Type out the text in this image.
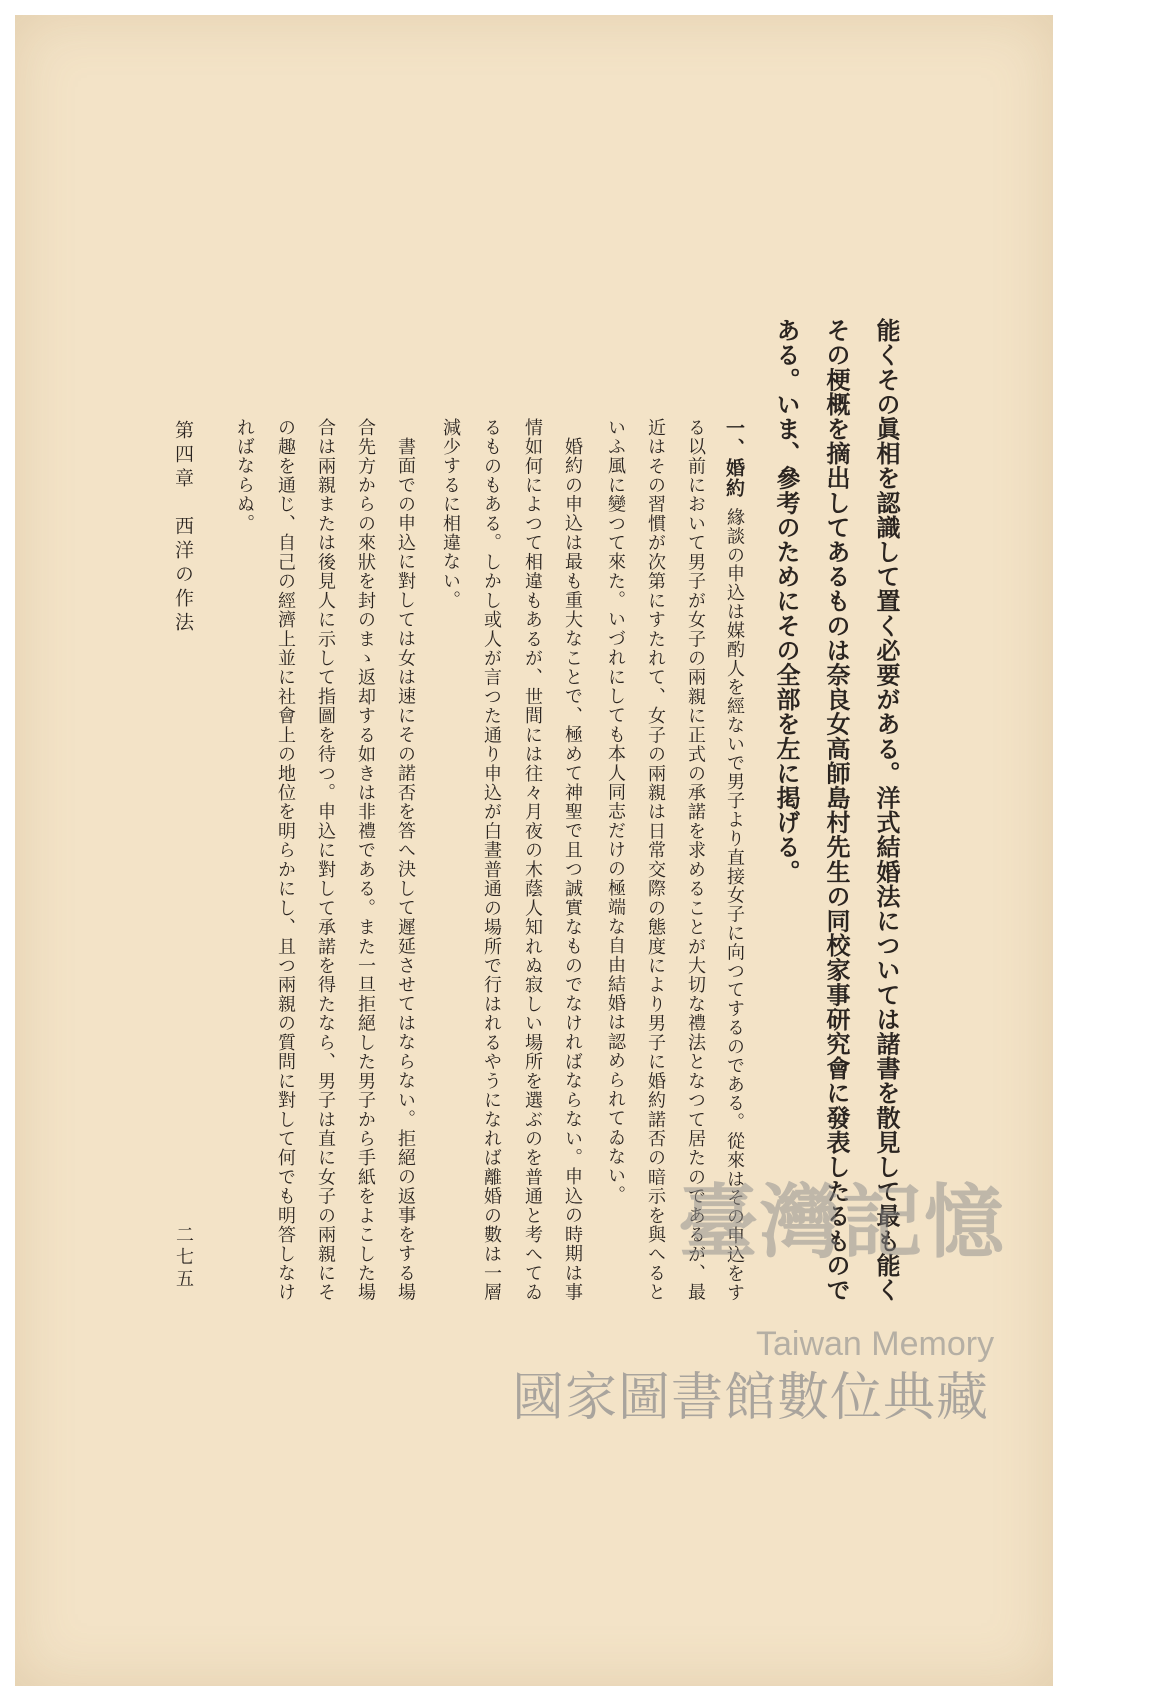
能くその眞相を認識して置く必要がある。洋式結婚法については諸書を散見して最も能く
その梗概を摘出してあるものは奈良女高師島村先生の同校家事研究會に發表したるもので
ある。いま、參考のためにその全部を左に掲げる。
一、婚約緣談の申込は媒酌人を經ないで男子より直接女子に向つてするのである。從來はその申込をす
る以前において男子が女子の兩親に正式の承諾を求めることが大切な禮法となつて居たのであるが、最
近はその習慣が次第にすたれて、女子の兩親は日常交際の態度により男子に婚約諾否の暗示を與へると
いふ風に變つて來た。いづれにしても本人同志だけの極端な自由結婚は認められてゐない。
婚約の申込は最も重大なことで、極めて神聖で且つ誠實なものでなければならない。申込の時期は事
情如何によつて相違もあるが、世間には往々月夜の木蔭人知れぬ寂しい場所を選ぶのを普通と考へてゐ
るものもある。しかし或人が言つた通り申込が白晝普通の場所で行はれるやうになれば離婚の數は一層
減少するに相違ない。
書面での申込に對しては女は速にその諾否を答へ決して遲延させてはならない。拒絕の返事をする場
合先方からの來狀を封のまゝ返却する如きは非禮である。また一旦拒絕した男子から手紙をよこした場
合は兩親または後見人に示して指圖を待つ。申込に對して承諾を得たなら、男子は直に女子の兩親にそ
の趣を通じ、自己の經濟上並に社會上の地位を明らかにし、且つ兩親の質問に對して何でも明答しなけ
ればならぬ。
第四章　西洋の作法
二七五	臺灣記憶
Taiwan Memory
國家圖書館數位典藏
